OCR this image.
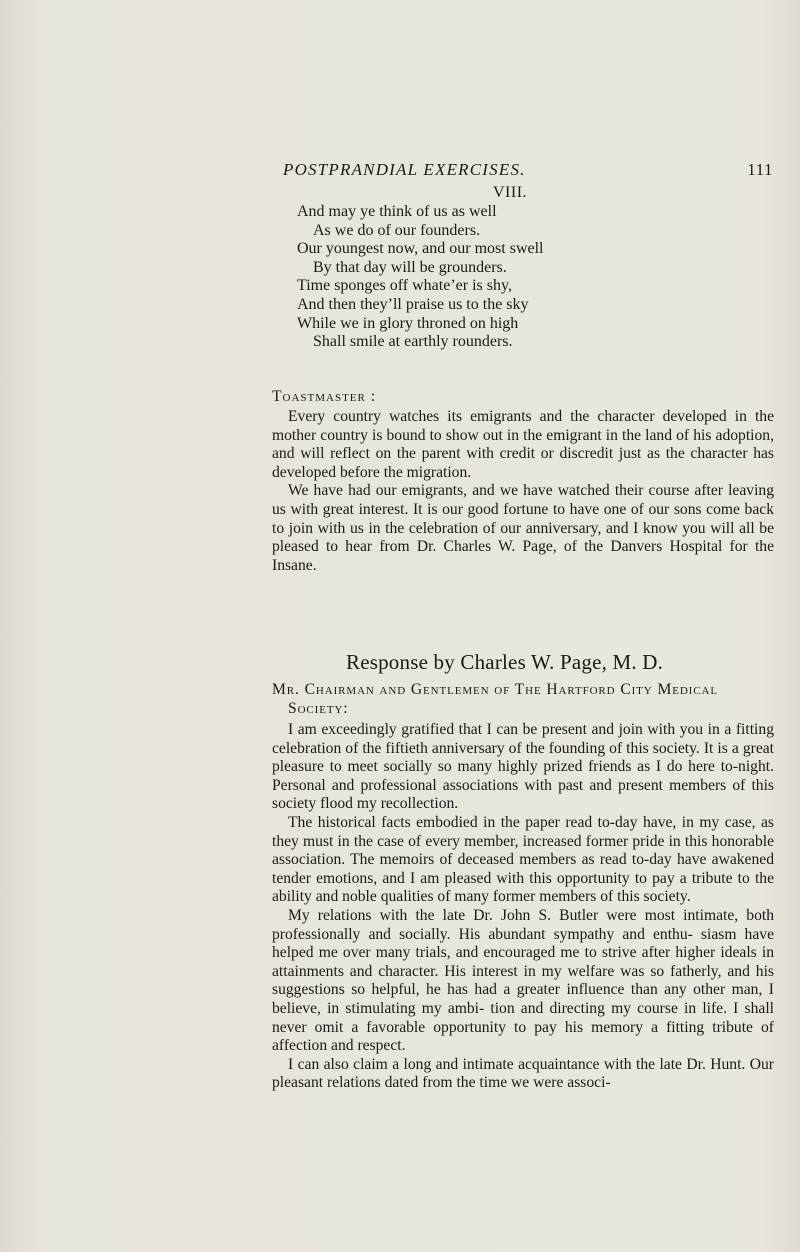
POSTPRANDIAL EXERCISES.	111
VIII.
And may ye think of us as well
As we do of our founders.
Our youngest now, and our most swell
By that day will be grounders.
Time sponges off whate’er is shy,
And then they’ll praise us to the sky
While we in glory throned on high
Shall smile at earthly rounders.
Toastmaster :

Every country watches its emigrants and the character developed in the mother country is bound to show out in the emigrant in the land of his adoption, and will reflect on the parent with credit or discredit just as the character has developed before the migration.

We have had our emigrants, and we have watched their course after leaving us with great interest. It is our good fortune to have one of our sons come back to join with us in the celebration of our anniversary, and I know you will all be pleased to hear from Dr. Charles W. Page, of the Danvers Hospital for the Insane.

Response by Charles W. Page, M. D.
Mr. Chairman and Gentlemen of The Hartford City Medical
Society:

I am exceedingly gratified that I can be present and join with you in a fitting celebration of the fiftieth anniversary of the founding of this society. It is a great pleasure to meet socially so many highly prized friends as I do here to-night. Personal and professional associations with past and present members of this society flood my recollection.

The historical facts embodied in the paper read to-day have, in my case, as they must in the case of every member, increased former pride in this honorable association. The memoirs of deceased members as read to-day have awakened tender emotions, and I am pleased with this opportunity to pay a tribute to the ability and noble qualities of many former members of this society.

My relations with the late Dr. John S. Butler were most intimate, both professionally and socially. His abundant sympathy and enthu- siasm have helped me over many trials, and encouraged me to strive after higher ideals in attainments and character. His interest in my welfare was so fatherly, and his suggestions so helpful, he has had a greater influence than any other man, I believe, in stimulating my ambi- tion and directing my course in life. I shall never omit a favorable opportunity to pay his memory a fitting tribute of affection and respect.

I can also claim a long and intimate acquaintance with the late Dr. Hunt. Our pleasant relations dated from the time we were associ-
